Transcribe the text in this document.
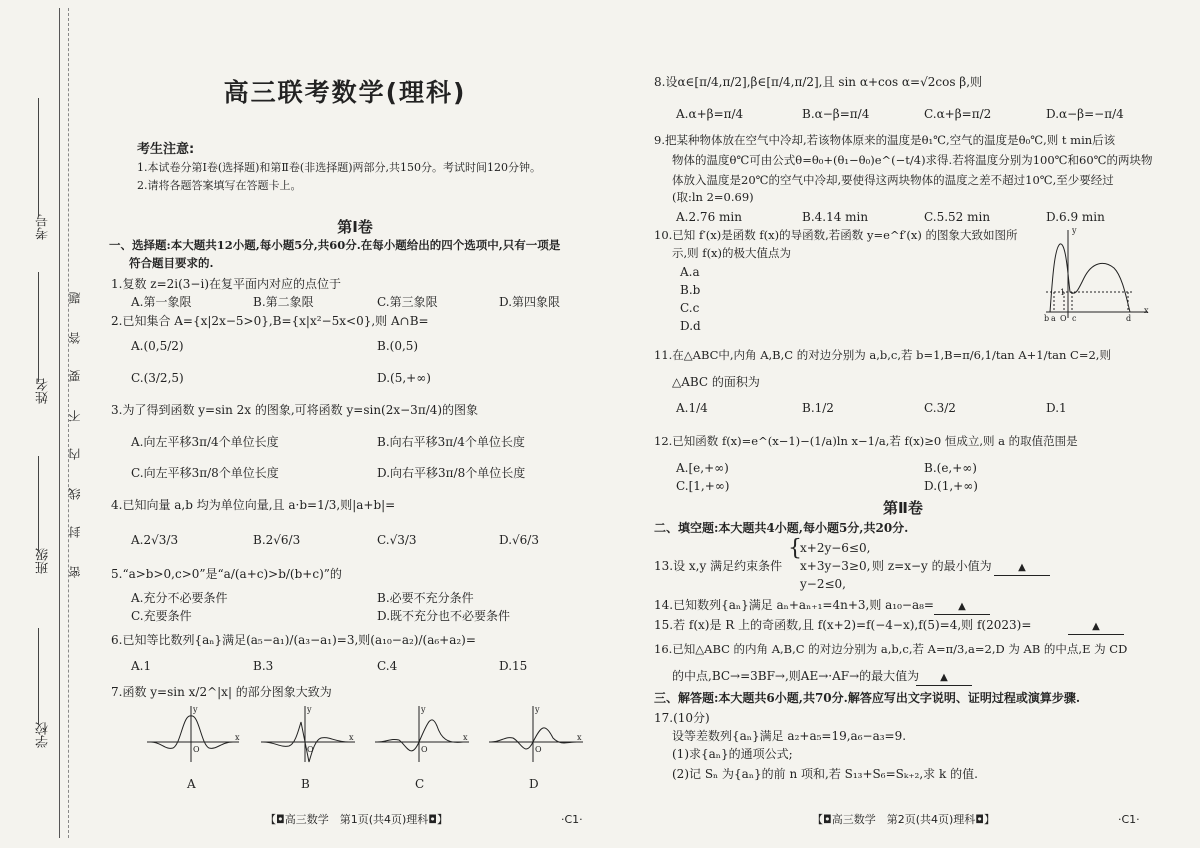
考号
姓名
班级
学校
题
答
要
不
内
线
封
密
高三联考数学(理科)
考生注意:
1.本试卷分第Ⅰ卷(选择题)和第Ⅱ卷(非选择题)两部分,共150分。考试时间120分钟。
2.请将各题答案填写在答题卡上。
第Ⅰ卷
一、选择题:本大题共12小题,每小题5分,共60分.在每小题给出的四个选项中,只有一项是
符合题目要求的.
1.复数 z=2i(3−i)在复平面内对应的点位于
A.第一象限	B.第二象限	C.第三象限	D.第四象限
2.已知集合 A={x|2x−5>0},B={x|x²−5x<0},则 A∩B=
A.(0,5/2)	B.(0,5)
C.(3/2,5)	D.(5,+∞)
3.为了得到函数 y=sin 2x 的图象,可将函数 y=sin(2x−3π/4)的图象
A.向左平移3π/4个单位长度	B.向右平移3π/4个单位长度
C.向左平移3π/8个单位长度	D.向右平移3π/8个单位长度
4.已知向量 a,b 均为单位向量,且 a·b=1/3,则|a+b|=
A.2√3/3	B.2√6/3	C.√3/3	D.√6/3
5.“a>b>0,c>0”是“a/(a+c)>b/(b+c)”的
A.充分不必要条件	B.必要不充分条件
C.充要条件	D.既不充分也不必要条件
6.已知等比数列{aₙ}满足(a₅−a₁)/(a₃−a₁)=3,则(a₁₀−a₂)/(a₆+a₂)=
A.1	B.3	C.4	D.15
7.函数 y=sin x/2^|x| 的部分图象大致为
y
x
O
y
x
O
y
x
O
y
x
O
A	B	C	D
【◘高三数学　第1页(共4页)理科◘】	·C1·
8.设α∈[π/4,π/2],β∈[π/4,π/2],且 sin α+cos α=√2cos β,则
A.α+β=π/4	B.α−β=π/4	C.α+β=π/2	D.α−β=−π/4
9.把某种物体放在空气中冷却,若该物体原来的温度是θ₁℃,空气的温度是θ₀℃,则 t min后该
物体的温度θ℃可由公式θ=θ₀+(θ₁−θ₀)e^(−t/4)求得.若将温度分别为100℃和60℃的两块物
体放入温度是20℃的空气中冷却,要使得这两块物体的温度之差不超过10℃,至少要经过
(取:ln 2=0.69)
A.2.76 min	B.4.14 min	C.5.52 min	D.6.9 min
10.已知 f′(x)是函数 f(x)的导函数,若函数 y=e^f′(x) 的图象大致如图所
示,则 f(x)的极大值点为
A.a
B.b
C.c
D.d
y
x
O
a
b	c	d
1
11.在△ABC中,内角 A,B,C 的对边分别为 a,b,c,若 b=1,B=π/6,1/tan A+1/tan C=2,则
△ABC 的面积为
A.1/4	B.1/2	C.3/2	D.1
12.已知函数 f(x)=e^(x−1)−(1/a)ln x−1/a,若 f(x)≥0 恒成立,则 a 的取值范围是
A.[e,+∞)	B.(e,+∞)
C.[1,+∞)	D.(1,+∞)
第Ⅱ卷
二、填空题:本大题共4小题,每小题5分,共20分.
13.设 x,y 满足约束条件
{
x+2y−6≤0,
x+3y−3≥0,
y−2≤0,
则 z=x−y 的最小值为	▲
14.已知数列{aₙ}满足 aₙ+aₙ₊₁=4n+3,则 a₁₀−a₈=	▲
15.若 f(x)是 R 上的奇函数,且 f(x+2)=f(−4−x),f(5)=4,则 f(2023)=	▲
16.已知△ABC 的内角 A,B,C 的对边分别为 a,b,c,若 A=π/3,a=2,D 为 AB 的中点,E 为 CD
的中点,BC→=3BF→,则AE→·AF→的最大值为	▲
三、解答题:本大题共6小题,共70分.解答应写出文字说明、证明过程或演算步骤.
17.(10分)
设等差数列{aₙ}满足 a₂+a₅=19,a₆−a₃=9.
(1)求{aₙ}的通项公式;
(2)记 Sₙ 为{aₙ}的前 n 项和,若 S₁₃+S₆=Sₖ₊₂,求 k 的值.
【◘高三数学　第2页(共4页)理科◘】	·C1·
